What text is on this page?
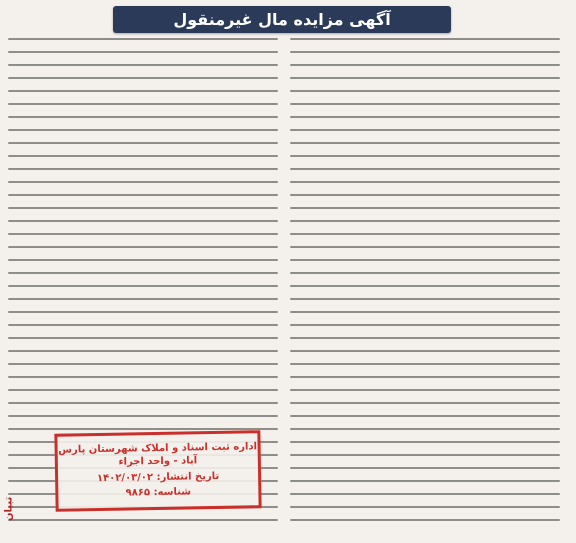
آگهی مزایده مال غیرمنقول
اداره ثبت اسناد و املاک شهرستان پارس آباد - واحد اجراء
تاریخ انتشار: ۱۴۰۲/۰۳/۰۲
شناسه: ۹۸۶۵
تبیان
